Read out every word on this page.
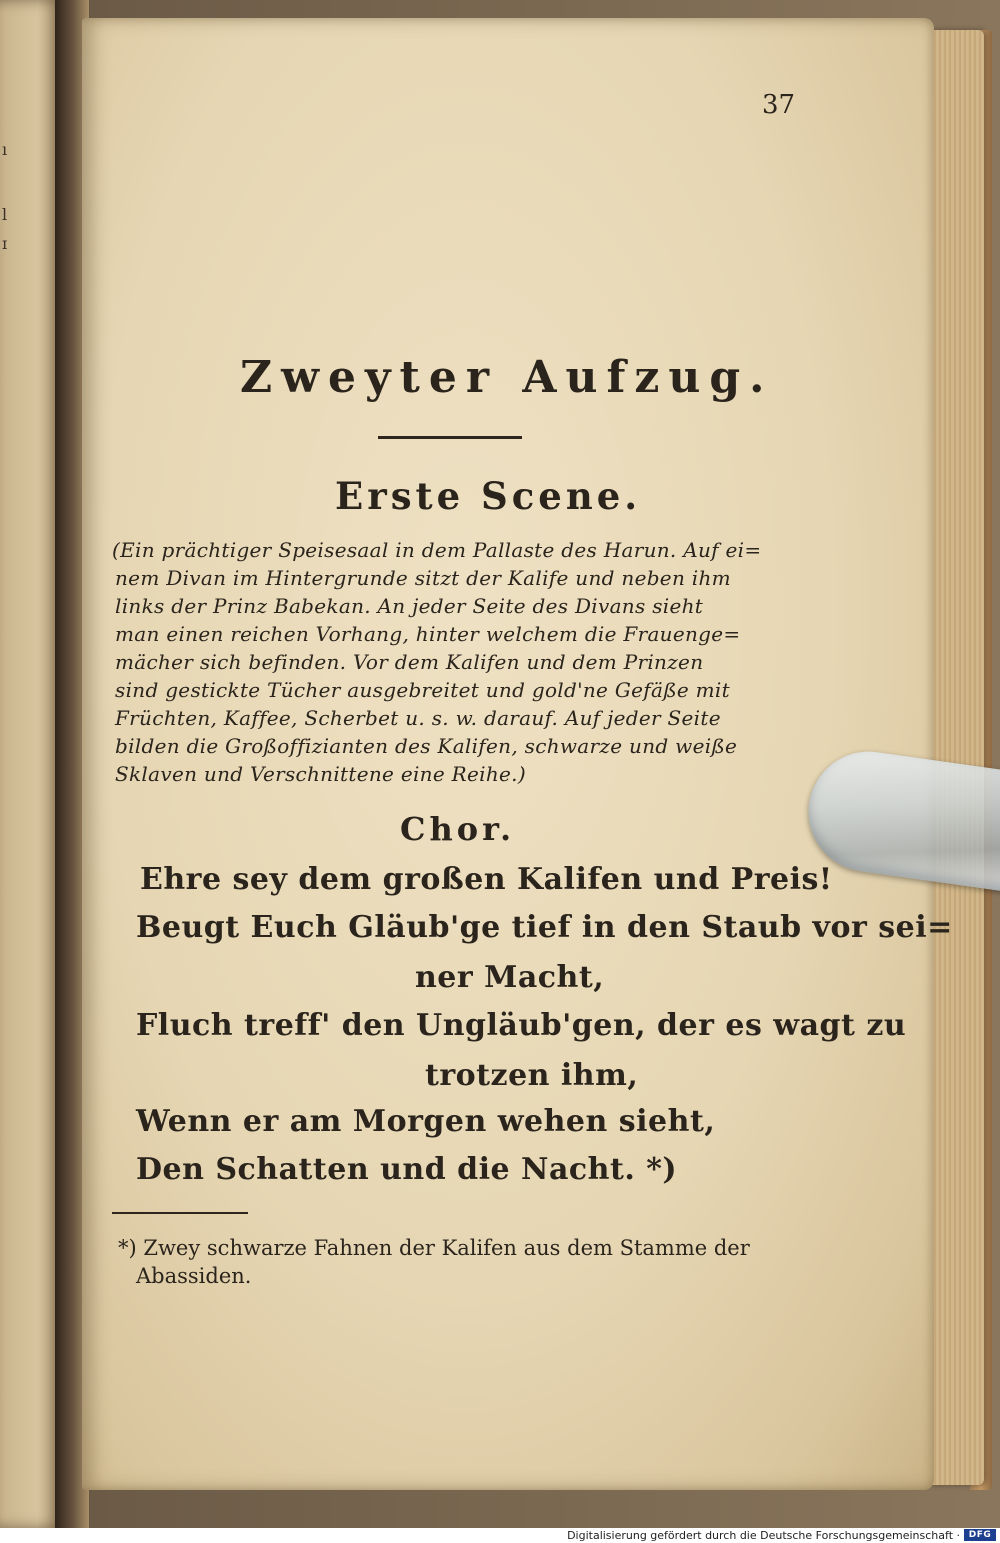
ı
l
ɪ
37
Zweyter Aufzug.
Erste Scene.
(Ein prächtiger Speisesaal in dem Pallaste des Harun. Auf ei=
nem Divan im Hintergrunde sitzt der Kalife und neben ihm
links der Prinz Babekan. An jeder Seite des Divans sieht
man einen reichen Vorhang, hinter welchem die Frauenge=
mächer sich befinden. Vor dem Kalifen und dem Prinzen
sind gestickte Tücher ausgebreitet und gold'ne Gefäße mit
Früchten, Kaffee, Scherbet u. s. w. darauf. Auf jeder Seite
bilden die Großoffizianten des Kalifen, schwarze und weiße
Sklaven und Verschnittene eine Reihe.)
Chor.
Ehre sey dem großen Kalifen und Preis!
Beugt Euch Gläub'ge tief in den Staub vor sei=
ner Macht,
Fluch treff' den Ungläub'gen, der es wagt zu
trotzen ihm,
Wenn er am Morgen wehen sieht,
Den Schatten und die Nacht. *)
*) Zwey schwarze Fahnen der Kalifen aus dem Stamme der
Abassiden.
Digitalisierung gefördert durch die Deutsche Forschungsgemeinschaft · DFG
